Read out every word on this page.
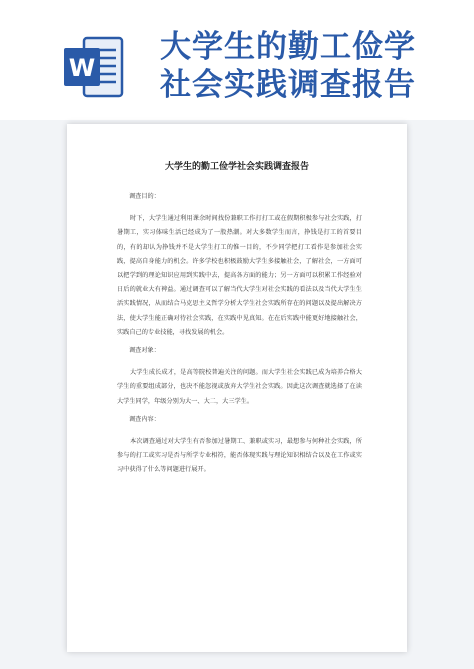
W
大学生的勤工俭学
社会实践调查报告
大学生的勤工俭学社会实践调查报告

调查目的：

时下，大学生通过利用课余时间找份兼职工作打打工或在假期积极参与社会实践，打暑期工，实习体味生活已经成为了一股热潮。对大多数学生而言，挣钱是打工的首要目的，有的却认为挣钱并不是大学生打工的惟一目的，不少同学把打工看作是参加社会实践，提高自身能力的机会。许多学校也积极鼓励大学生多接触社会，了解社会，一方面可以把学到的理论知识应用到实践中去，提高各方面的能力；另一方面可以积累工作经验对日后的就业大有裨益。通过调查可以了解当代大学生对社会实践的看法以及当代大学生生活实践情况，从而结合马克思主义哲学分析大学生社会实践所存在的问题以及提出解决方法，使大学生能正确对待社会实践，在实践中见真知。在在后实践中能更好地接触社会，实践自己的专业技能，寻找发展的机会。

调查对象：

大学生成长成才，是高等院校普遍关注的问题。而大学生社会实践已成为培养合格大学生的重要组成部分，也决不能忽视或放弃大学生社会实践。因此这次调查就选择了在读大学生同学，年级分别为大一、大二，大三学生。

调查内容：

本次调查通过对大学生有否参加过暑期工、兼职或实习，最想参与何种社会实践，所参与的打工或实习是否与所学专业相符，能否体现实践与理论知识相结合以及在工作或实习中获得了什么等问题进行展开。
